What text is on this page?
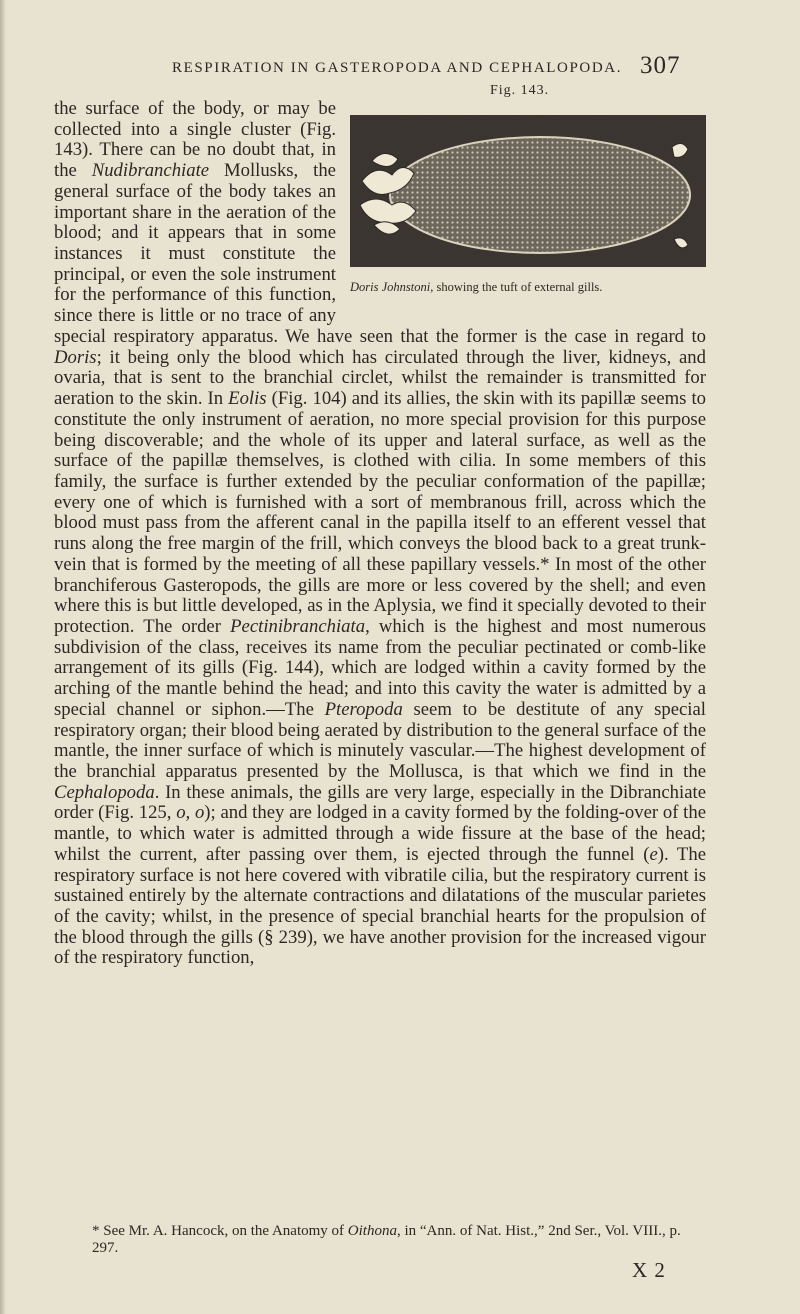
RESPIRATION IN GASTEROPODA AND CEPHALOPODA. 307
Fig. 143.
Doris Johnstoni, showing the tuft of external gills.

the surface of the body, or may be collected into a single cluster (Fig. 143). There can be no doubt that, in the Nudibranchiate Mollusks, the general surface of the body takes an important share in the aeration of the blood; and it appears that in some instances it must constitute the principal, or even the sole instrument for the performance of this function, since there is little or no trace of any special respiratory apparatus. We have seen that the former is the case in regard to Doris; it being only the blood which has circulated through the liver, kidneys, and ovaria, that is sent to the branchial circlet, whilst the remainder is transmitted for aeration to the skin. In Eolis (Fig. 104) and its allies, the skin with its papillæ seems to constitute the only instrument of aeration, no more special provision for this purpose being discoverable; and the whole of its upper and lateral surface, as well as the surface of the papillæ themselves, is clothed with cilia. In some members of this family, the surface is further extended by the peculiar conformation of the papillæ; every one of which is furnished with a sort of membranous frill, across which the blood must pass from the afferent canal in the papilla itself to an efferent vessel that runs along the free margin of the frill, which conveys the blood back to a great trunk-vein that is formed by the meeting of all these papillary vessels.* In most of the other branchiferous Gasteropods, the gills are more or less covered by the shell; and even where this is but little developed, as in the Aplysia, we find it specially devoted to their protection. The order Pectinibranchiata, which is the highest and most numerous subdivision of the class, receives its name from the peculiar pectinated or comb-like arrangement of its gills (Fig. 144), which are lodged within a cavity formed by the arching of the mantle behind the head; and into this cavity the water is admitted by a special channel or siphon.—The Pteropoda seem to be destitute of any special respiratory organ; their blood being aerated by distribution to the general surface of the mantle, the inner surface of which is minutely vascular.—The highest development of the branchial apparatus presented by the Mollusca, is that which we find in the Cephalopoda. In these animals, the gills are very large, especially in the Dibranchiate order (Fig. 125, o, o); and they are lodged in a cavity formed by the folding-over of the mantle, to which water is admitted through a wide fissure at the base of the head; whilst the current, after passing over them, is ejected through the funnel (e). The respiratory surface is not here covered with vibratile cilia, but the respiratory current is sustained entirely by the alternate contractions and dilatations of the muscular parietes of the cavity; whilst, in the presence of special branchial hearts for the propulsion of the blood through the gills (§ 239), we have another provision for the increased vigour of the respiratory function,

* See Mr. A. Hancock, on the Anatomy of Oithona, in “Ann. of Nat. Hist.,” 2nd Ser., Vol. VIII., p. 297.
X 2
